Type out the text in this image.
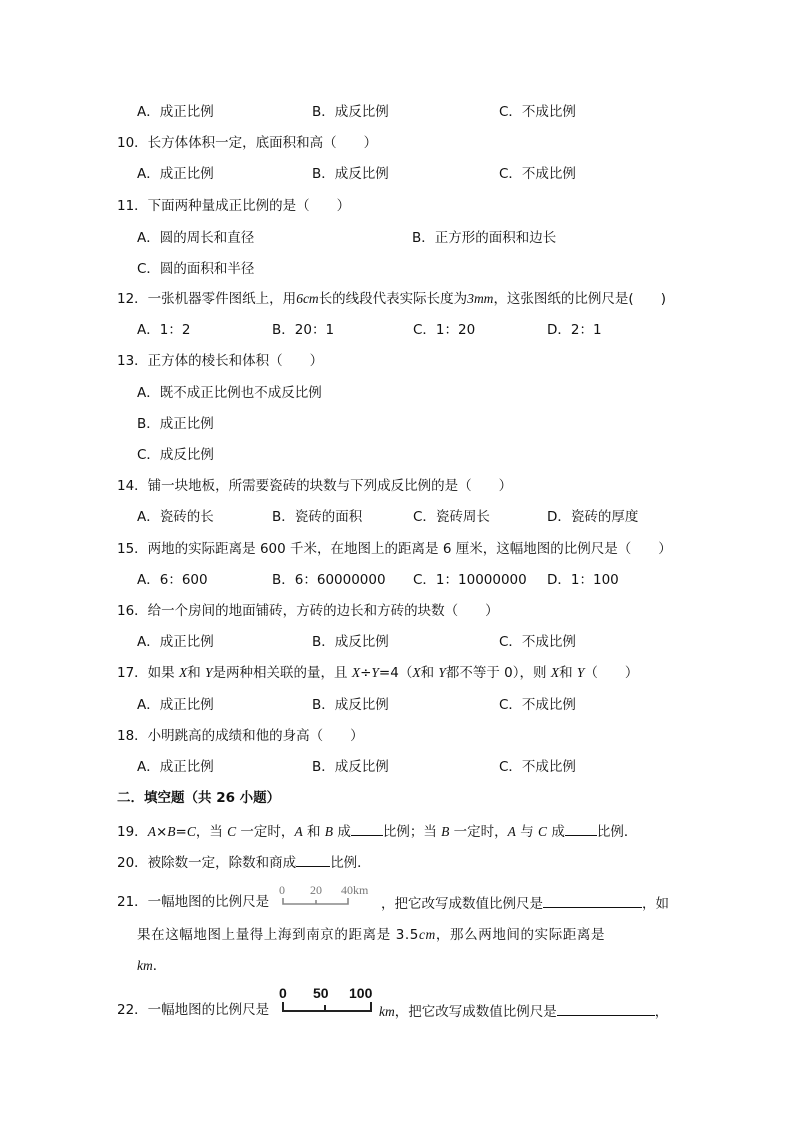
A．成正比例	B．成反比例	C．不成比例
10．长方体体积一定，底面积和高（　　）
A．成正比例	B．成反比例	C．不成比例
11．下面两种量成正比例的是（　　）
A．圆的周长和直径	B．正方形的面积和边长
C．圆的面积和半径
12．一张机器零件图纸上，用6cm长的线段代表实际长度为3mm，这张图纸的比例尺是(　　)
A．1：2	B．20：1	C．1：20	D．2：1
13．正方体的棱长和体积（　　）
A．既不成正比例也不成反比例
B．成正比例
C．成反比例
14．铺一块地板，所需要瓷砖的块数与下列成反比例的是（　　）
A．瓷砖的长	B．瓷砖的面积	C．瓷砖周长	D．瓷砖的厚度
15．两地的实际距离是 600 千米，在地图上的距离是 6 厘米，这幅地图的比例尺是（　　）
A．6：600	B．6：60000000 C．1：10000000 D．1：100
16．给一个房间的地面铺砖，方砖的边长和方砖的块数（　　）
A．成正比例	B．成反比例	C．不成比例
17．如果 X和 Y是两种相关联的量，且 X÷Y=4（X和 Y都不等于 0），则 X和 Y（　　）
A．成正比例	B．成反比例	C．不成比例
18．小明跳高的成绩和他的身高（　　）
A．成正比例	B．成反比例	C．不成比例
二．填空题（共 26 小题）
19．A×B=C，当 C 一定时，A 和 B 成 比例；当 B 一定时，A 与 C 成 比例．
20．被除数一定，除数和商成	比例．
21．一幅地图的比例尺是
0 20 40km
，把它改写成数值比例尺是	，如
果在这幅地图上量得上海到南京的距离是 3.5cm，那么两地间的实际距离是
km．
22．一幅地图的比例尺是
0 50 100
km，把它改写成数值比例尺是	，
